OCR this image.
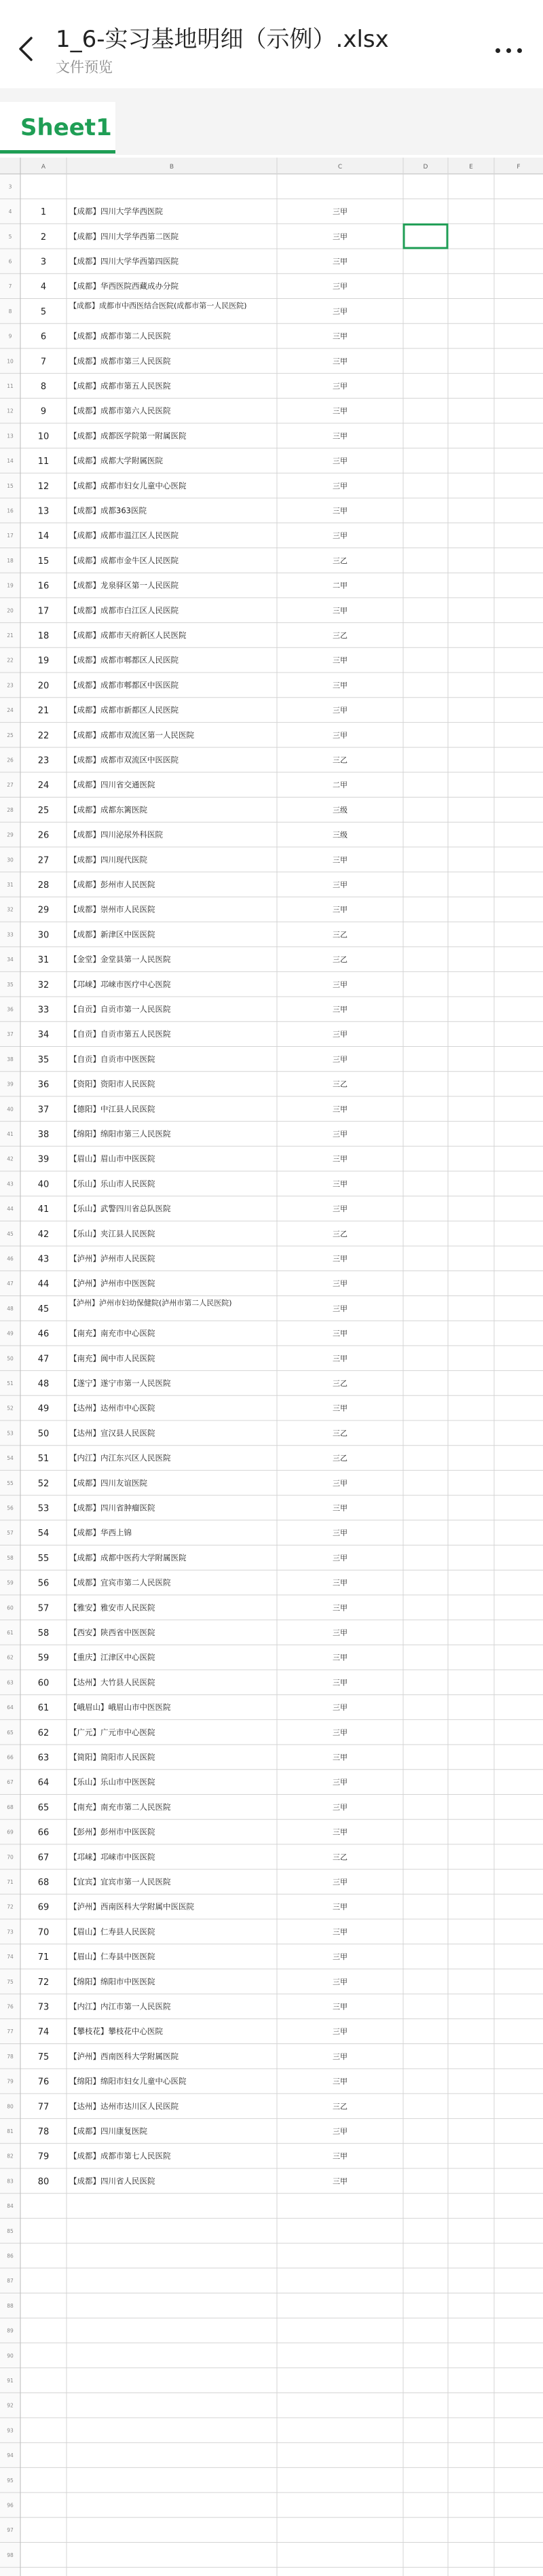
1_6-实习基地明细（示例）.xlsx
文件预览
Sheet1
A	B	C	D	E	F
3
4
5
6
7
8
9
10
11
12
13
14
15
16
17
18
19
20
21
22
23
24
25
26
27
28
29
30
31
32
33
34
35
36
37
38
39
40
41
42
43
44
45
46
47
48
49
50
51
52
53
54
55
56
57
58
59
60
61
62
63
64
65
66
67
68
69
70
71
72
73
74
75
76
77
78
79
80
81
82
83
84
85
86
87
88
89
90
91
92
93
94
95
96
97
98
1	【成都】四川大学华西医院	三甲
2	【成都】四川大学华西第二医院	三甲
3	【成都】四川大学华西第四医院	三甲
4	【成都】华西医院西藏成办分院	三甲
5
【成都】成都市中西医结合医院(成都市第一人民医院)
三甲
6	【成都】成都市第二人民医院	三甲
7	【成都】成都市第三人民医院	三甲
8	【成都】成都市第五人民医院	三甲
9	【成都】成都市第六人民医院	三甲
10	【成都】成都医学院第一附属医院	三甲
11	【成都】成都大学附属医院	三甲
12	【成都】成都市妇女儿童中心医院	三甲
13	【成都】成都363医院	三甲
14	【成都】成都市温江区人民医院	三甲
15	【成都】成都市金牛区人民医院	三乙
16	【成都】龙泉驿区第一人民医院	二甲
17	【成都】成都市白江区人民医院	三甲
18	【成都】成都市天府新区人民医院	三乙
19	【成都】成都市郫都区人民医院	三甲
20	【成都】成都市郫都区中医医院	三甲
21	【成都】成都市新都区人民医院	三甲
22	【成都】成都市双流区第一人民医院	三甲
23	【成都】成都市双流区中医医院	三乙
24	【成都】四川省交通医院	二甲
25	【成都】成都东篱医院	三级
26	【成都】四川泌尿外科医院	三级
27	【成都】四川现代医院	三甲
28	【成都】彭州市人民医院	三甲
29	【成都】崇州市人民医院	三甲
30	【成都】新津区中医医院	三乙
31	【金堂】金堂县第一人民医院	三乙
32	【邛崃】邛崃市医疗中心医院	三甲
33	【自贡】自贡市第一人民医院	三甲
34	【自贡】自贡市第五人民医院	三甲
35	【自贡】自贡市中医医院	三甲
36	【资阳】资阳市人民医院	三乙
37	【德阳】中江县人民医院	三甲
38	【绵阳】绵阳市第三人民医院	三甲
39	【眉山】眉山市中医医院	三甲
40	【乐山】乐山市人民医院	三甲
41	【乐山】武警四川省总队医院	三甲
42	【乐山】夹江县人民医院	三乙
43	【泸州】泸州市人民医院	三甲
44	【泸州】泸州市中医医院	三甲
45
【泸州】泸州市妇幼保健院(泸州市第二人民医院)
三甲
46	【南充】南充市中心医院	三甲
47	【南充】阆中市人民医院	三甲
48	【遂宁】遂宁市第一人民医院	三乙
49	【达州】达州市中心医院	三甲
50	【达州】宣汉县人民医院	三乙
51	【内江】内江东兴区人民医院	三乙
52	【成都】四川友谊医院	三甲
53	【成都】四川省肿瘤医院	三甲
54	【成都】华西上锦	三甲
55	【成都】成都中医药大学附属医院	三甲
56	【成都】宜宾市第二人民医院	三甲
57	【雅安】雅安市人民医院	三甲
58	【西安】陕西省中医医院	三甲
59	【重庆】江津区中心医院	三甲
60	【达州】大竹县人民医院	三甲
61	【峨眉山】峨眉山市中医医院	三甲
62	【广元】广元市中心医院	三甲
63	【简阳】简阳市人民医院	三甲
64	【乐山】乐山市中医医院	三甲
65	【南充】南充市第二人民医院	三甲
66	【彭州】彭州市中医医院	三甲
67	【邛崃】邛崃市中医医院	三乙
68	【宜宾】宜宾市第一人民医院	三甲
69	【泸州】西南医科大学附属中医医院	三甲
70	【眉山】仁寿县人民医院	三甲
71	【眉山】仁寿县中医医院	三甲
72	【绵阳】绵阳市中医医院	三甲
73	【内江】内江市第一人民医院	三甲
74	【攀枝花】攀枝花中心医院	三甲
75	【泸州】西南医科大学附属医院	三甲
76	【绵阳】绵阳市妇女儿童中心医院	三甲
77	【达州】达州市达川区人民医院	三乙
78	【成都】四川康复医院	三甲
79	【成都】成都市第七人民医院	三甲
80	【成都】四川省人民医院	三甲
